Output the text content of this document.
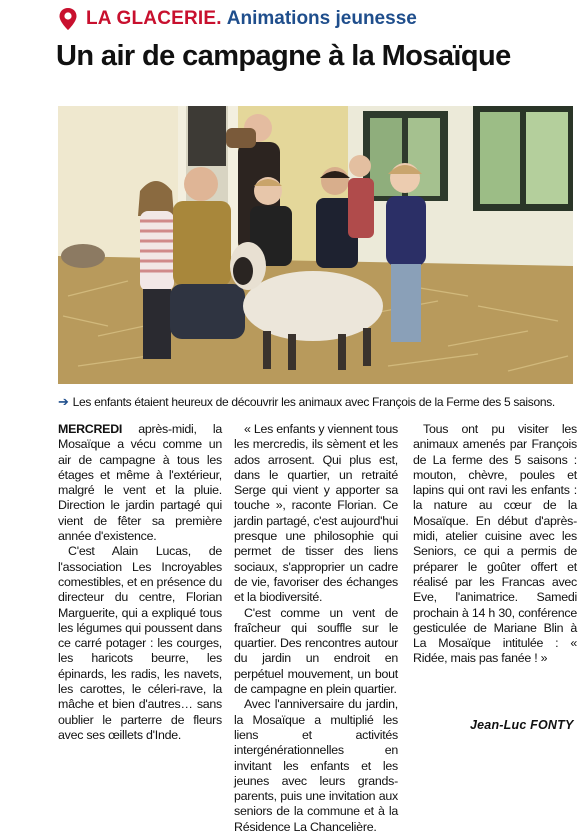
LA GLACERIE. Animations jeunesse
Un air de campagne à la Mosaïque
➔ Les enfants étaient heureux de découvrir les animaux avec François de la Ferme des 5 saisons.

MERCREDI après-midi, la Mosaïque a vécu comme un air de campagne à tous les étages et même à l'extérieur, malgré le vent et la pluie. Direction le jardin partagé qui vient de fêter sa première année d'existence.

C'est Alain Lucas, de l'association Les Incroyables comestibles, et en présence du directeur du centre, Florian Marguerite, qui a expliqué tous les légumes qui poussent dans ce carré potager : les courges, les haricots beurre, les épinards, les radis, les navets, les carottes, le céleri-rave, la mâche et bien d'autres… sans oublier le parterre de fleurs avec ses œillets d'Inde.

« Les enfants y viennent tous les mercredis, ils sèment et les ados arrosent. Qui plus est, dans le quartier, un retraité Serge qui vient y apporter sa touche », raconte Florian. Ce jardin partagé, c'est aujourd'hui presque une philosophie qui permet de tisser des liens sociaux, s'approprier un cadre de vie, favoriser des échanges et la biodiversité.

C'est comme un vent de fraîcheur qui souffle sur le quartier. Des rencontres autour du jardin un endroit en perpétuel mouvement, un bout de campagne en plein quartier.

Avec l'anniversaire du jardin, la Mosaïque a multiplié les liens et activités intergénérationnelles en invitant les enfants et les jeunes avec leurs grands-parents, puis une invitation aux seniors de la commune et à la Résidence La Chancelière.

Tous ont pu visiter les animaux amenés par François de La ferme des 5 saisons : mouton, chèvre, poules et lapins qui ont ravi les enfants : la nature au cœur de la Mosaïque. En début d'après-midi, atelier cuisine avec les Seniors, ce qui a permis de préparer le goûter offert et réalisé par les Francas avec Eve, l'animatrice. Samedi prochain à 14 h 30, conférence gesticulée de Mariane Blin à La Mosaïque intitulée : « Ridée, mais pas fanée ! »

Jean-Luc FONTY
